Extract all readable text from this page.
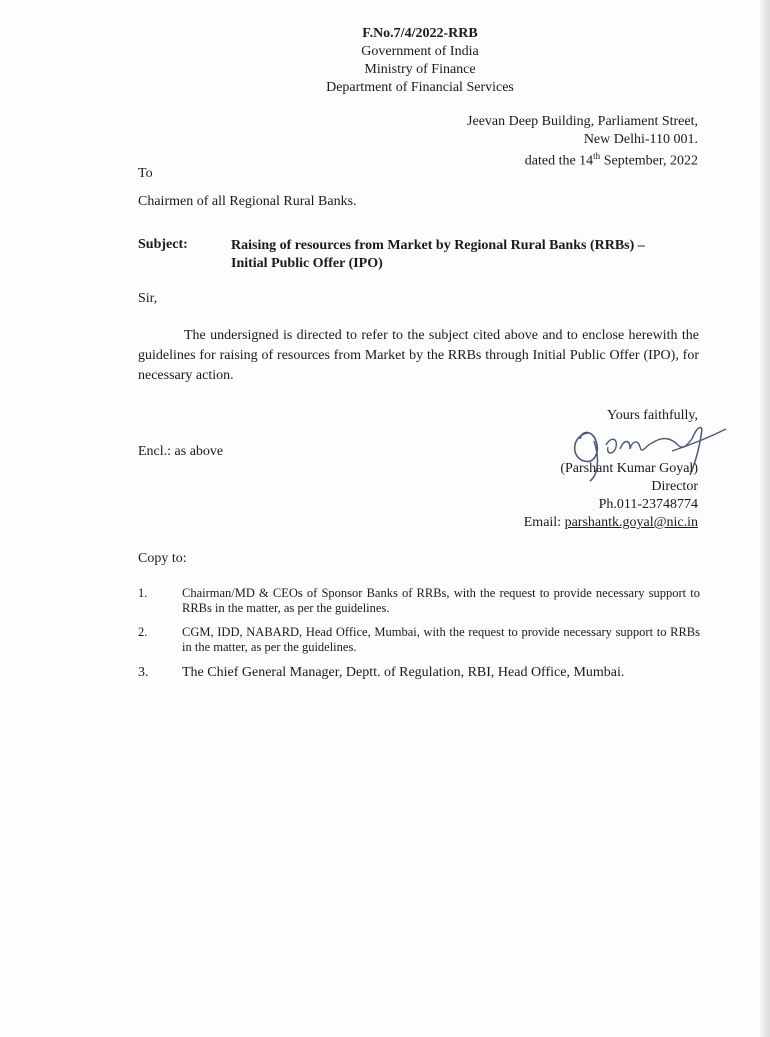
F.No.7/4/2022-RRB
Government of India
Ministry of Finance
Department of Financial Services
Jeevan Deep Building, Parliament Street,
New Delhi-110 001.
dated the 14th September, 2022
To
Chairmen of all Regional Rural Banks.
Subject:	Raising of resources from Market by Regional Rural Banks (RRBs) –
Initial Public Offer (IPO)
Sir,
The undersigned is directed to refer to the subject cited above and to enclose herewith the guidelines for raising of resources from Market by the RRBs through Initial Public Offer (IPO), for necessary action.
Yours faithfully,
Encl.: as above
(Parshant Kumar Goyal)
Director
Ph.011-23748774
Email: parshantk.goyal@nic.in
Copy to:
1.	Chairman/MD & CEOs of Sponsor Banks of RRBs, with the request to provide necessary support to RRBs in the matter, as per the guidelines.
2.	CGM, IDD, NABARD, Head Office, Mumbai, with the request to provide necessary support to RRBs in the matter, as per the guidelines.
3. The Chief General Manager, Deptt. of Regulation, RBI, Head Office, Mumbai.
